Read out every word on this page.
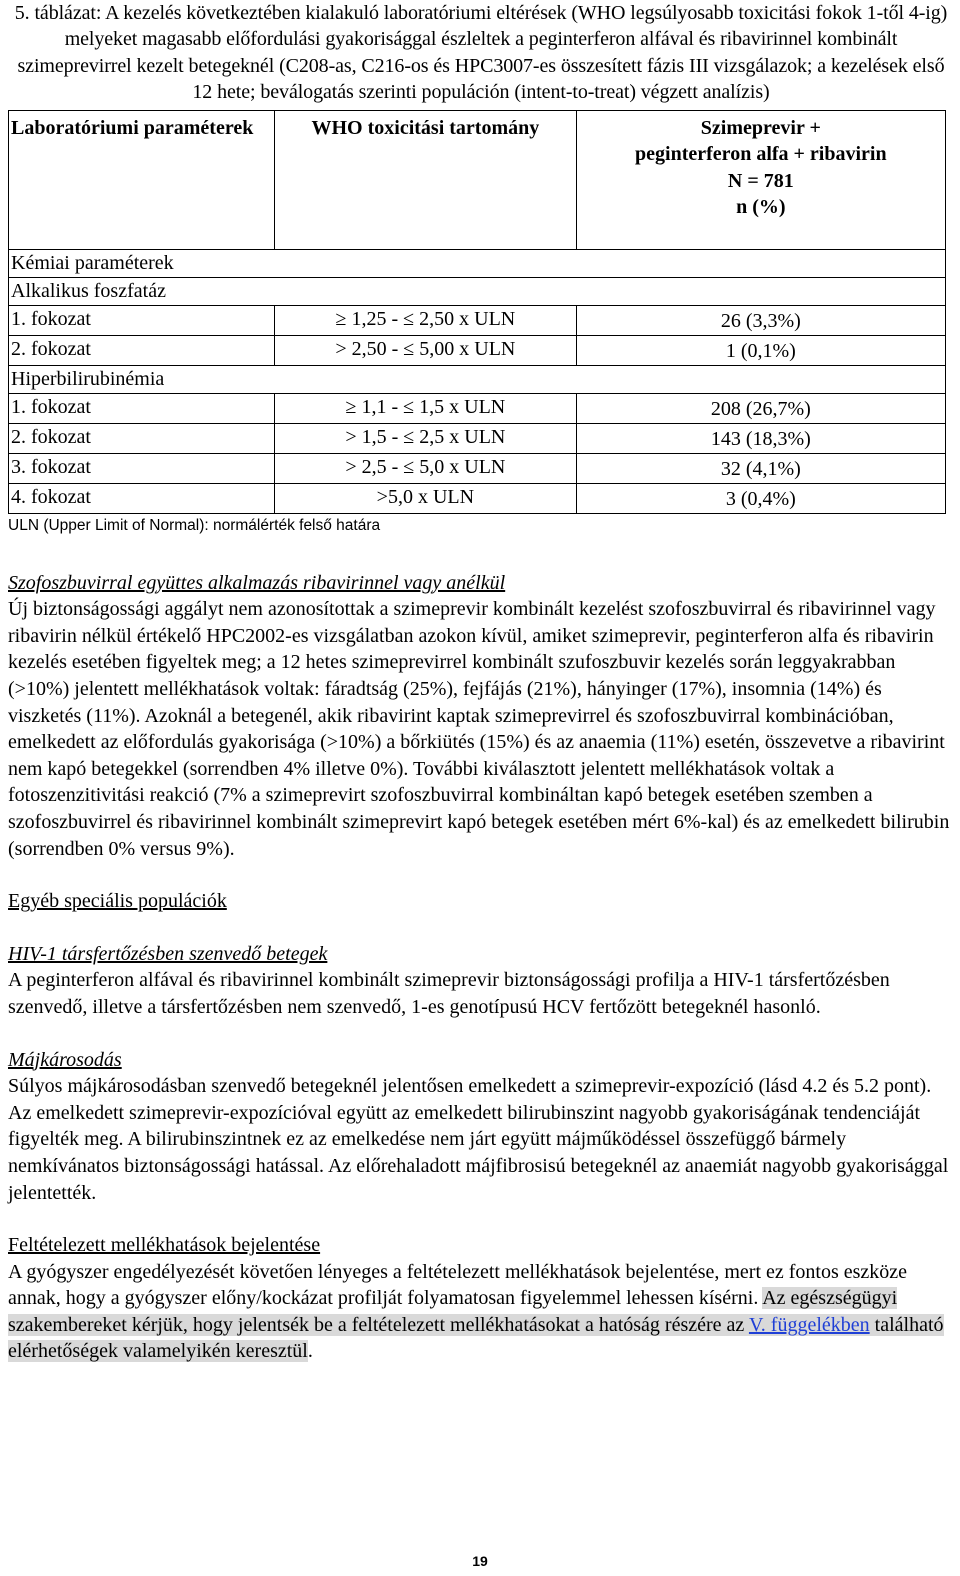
5. táblázat: A kezelés következtében kialakuló laboratóriumi eltérések (WHO legsúlyosabb toxicitási fokok 1-től 4-ig) melyeket magasabb előfordulási gyakorisággal észleltek a peginterferon alfával és ribavirinnel kombinált szimeprevirrel kezelt betegeknél (C208-as, C216-os és HPC3007-es összesített fázis III vizsgálazok; a kezelések első 12 hete; beválogatás szerinti populáción (intent-to-treat) végzett analízis)

Laboratóriumi paraméterek	WHO toxicitási tartomány	Szimeprevir +
peginterferon alfa + ribavirin
N = 781
n (%)

Kémiai paraméterek		
Alkalikus foszfatáz		
1. fokozat	≥ 1,25 - ≤ 2,50 x ULN	26 (3,3%)
2. fokozat	> 2,50 - ≤ 5,00 x ULN	1 (0,1%)
Hiperbilirubinémia		
1. fokozat	≥ 1,1 - ≤ 1,5 x ULN	208 (26,7%)
2. fokozat	> 1,5 - ≤ 2,5 x ULN	143 (18,3%)
3. fokozat	> 2,5 - ≤ 5,0 x ULN	32 (4,1%)
4. fokozat	>5,0 x ULN	3 (0,4%)
ULN (Upper Limit of Normal): normálérték felső határa

Szofoszbuvirral együttes alkalmazás ribavirinnel vagy anélkül

Új biztonságossági aggályt nem azonosítottak a szimeprevir kombinált kezelést szofoszbuvirral és ribavirinnel vagy ribavirin nélkül értékelő HPC2002-es vizsgálatban azokon kívül, amiket szimeprevir, peginterferon alfa és ribavirin kezelés esetében figyeltek meg; a 12 hetes szimeprevirrel kombinált szufoszbuvir kezelés során leggyakrabban (>10%) jelentett mellékhatások voltak: fáradtság (25%), fejfájás (21%), hányinger (17%), insomnia (14%) és viszketés (11%). Azoknál a betegenél, akik ribavirint kaptak szimeprevirrel és szofoszbuvirral kombinációban, emelkedett az előfordulás gyakorisága (>10%) a bőrkiütés (15%) és az anaemia (11%) esetén, összevetve a ribavirint nem kapó betegekkel (sorrendben 4% illetve 0%). További kiválasztott jelentett mellékhatások voltak a fotoszenzitivitási reakció (7% a szimeprevirt szofoszbuvirral kombináltan kapó betegek esetében szemben a szofoszbuvirrel és ribavirinnel kombinált szimeprevirt kapó betegek esetében mért 6%-kal) és az emelkedett bilirubin (sorrendben 0% versus 9%).

Egyéb speciális populációk

HIV-1 társfertőzésben szenvedő betegek

A peginterferon alfával és ribavirinnel kombinált szimeprevir biztonságossági profilja a HIV-1 társfertőzésben szenvedő, illetve a társfertőzésben nem szenvedő, 1-es genotípusú HCV fertőzött betegeknél hasonló.

Májkárosodás

Súlyos májkárosodásban szenvedő betegeknél jelentősen emelkedett a szimeprevir-expozíció (lásd 4.2 és 5.2 pont). Az emelkedett szimeprevir-expozícióval együtt az emelkedett bilirubinszint nagyobb gyakoriságának tendenciáját figyelték meg. A bilirubinszintnek ez az emelkedése nem járt együtt májműködéssel összefüggő bármely nemkívánatos biztonságossági hatással. Az előrehaladott májfibrosisú betegeknél az anaemiát nagyobb gyakorisággal jelentették.

Feltételezett mellékhatások bejelentése

A gyógyszer engedélyezését követően lényeges a feltételezett mellékhatások bejelentése, mert ez fontos eszköze annak, hogy a gyógyszer előny/kockázat profilját folyamatosan figyelemmel lehessen kísérni. Az egészségügyi szakembereket kérjük, hogy jelentsék be a feltételezett mellékhatásokat a hatóság részére az V. függelékben található elérhetőségek valamelyikén keresztül.

19
